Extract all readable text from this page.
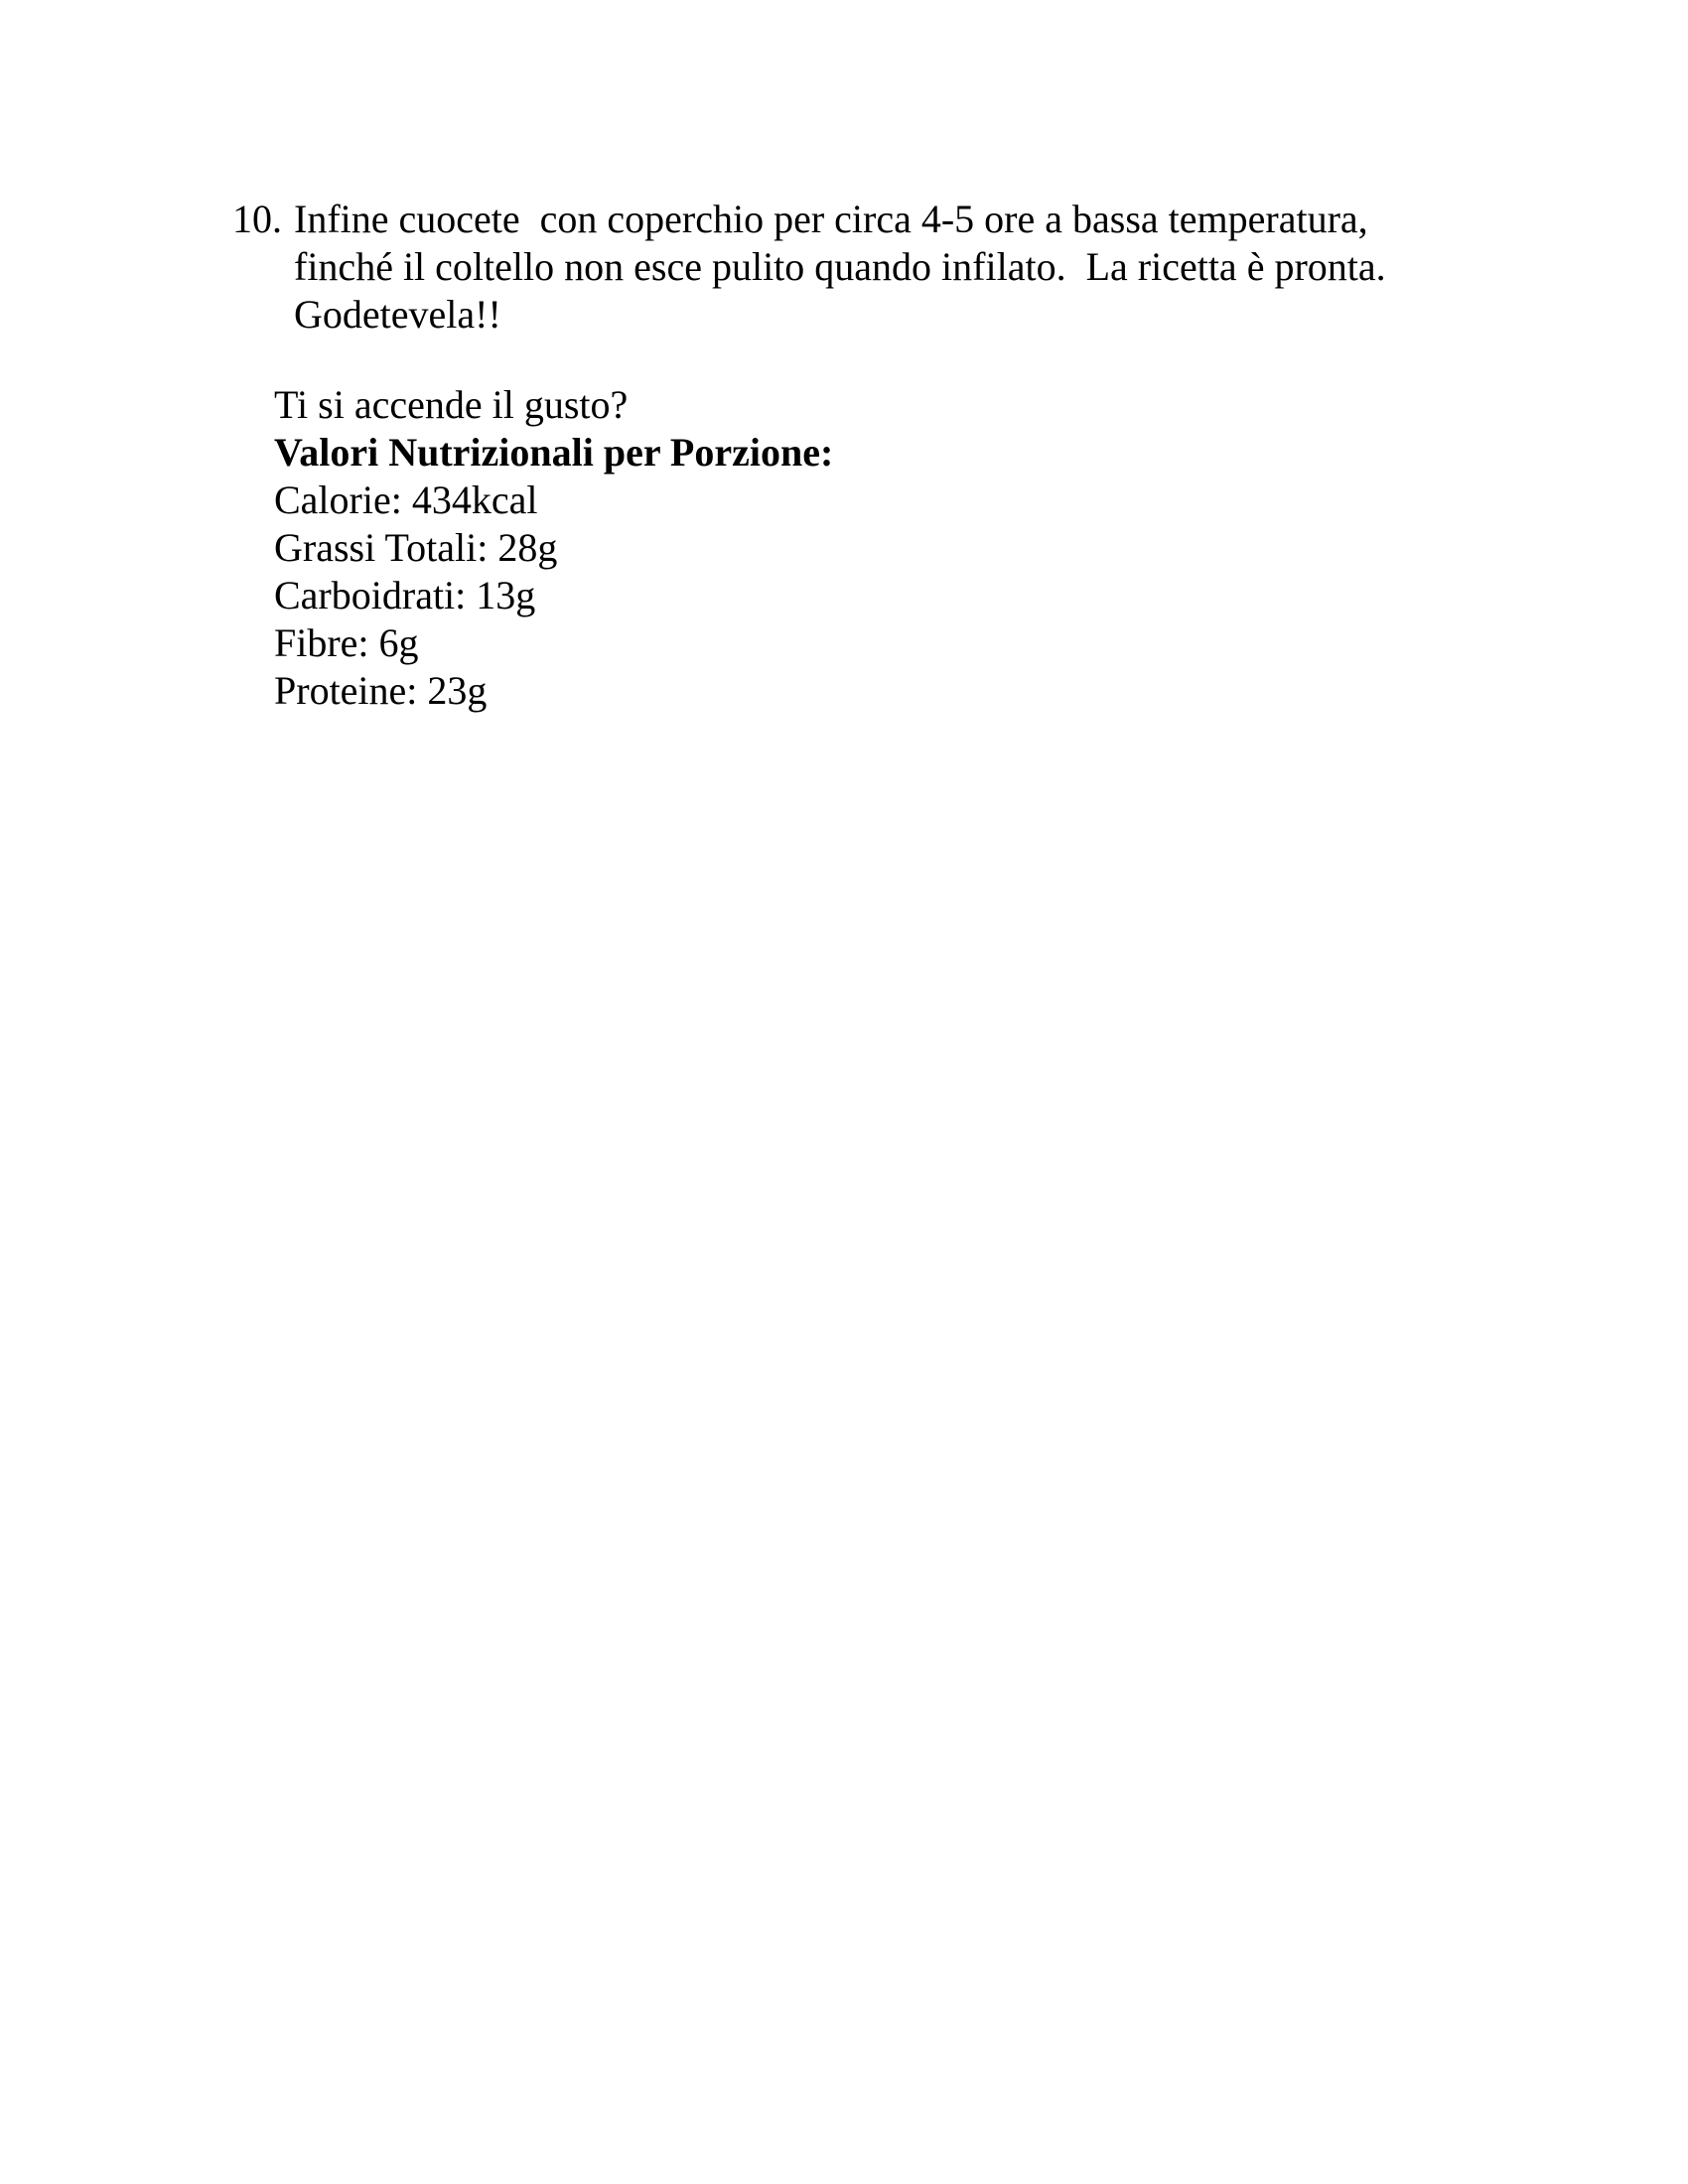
10. Infine cuocete  con coperchio per circa 4-5 ore a bassa temperatura,
finché il coltello non esce pulito quando infilato.  La ricetta è pronta.
Godetevela!!
Ti si accende il gusto?
Valori Nutrizionali per Porzione:
Calorie: 434kcal
Grassi Totali: 28g
Carboidrati: 13g
Fibre: 6g
Proteine: 23g
